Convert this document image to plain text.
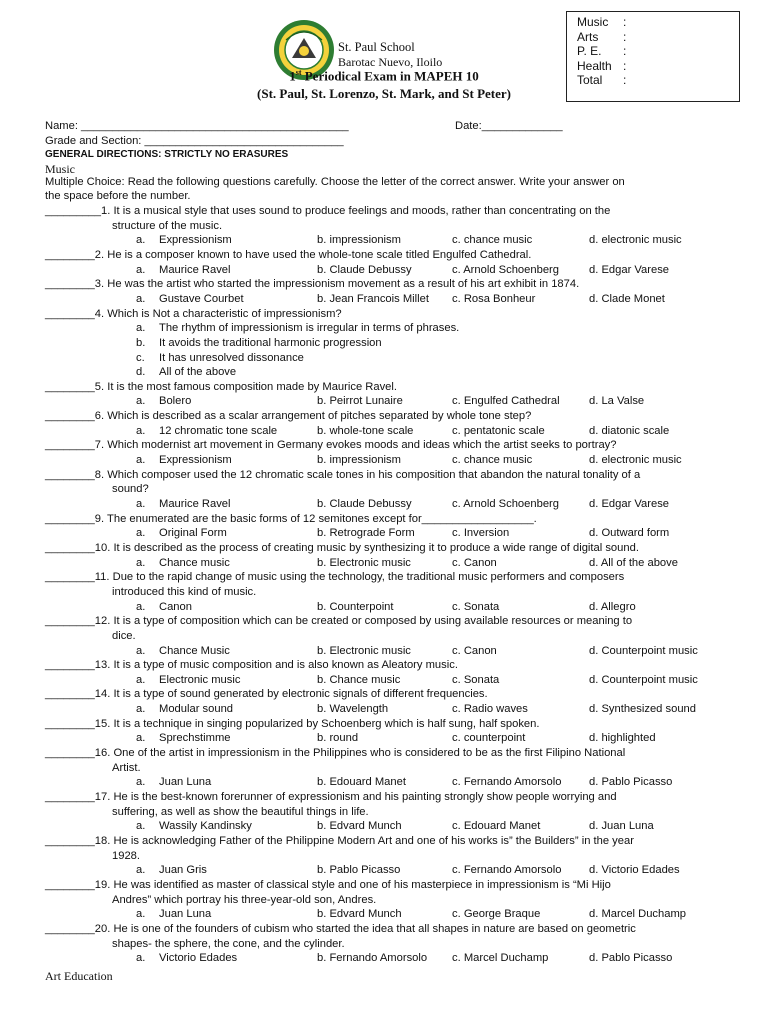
St. Paul School
Barotac Nuevo, Iloilo
1st Periodical Exam in MAPEH 10
(St. Paul, St. Lorenzo, St. Mark, and St Peter)
Music	:
Arts	:
P. E.	:
Health :
Total	:
Name: ___________________________________________	Date:_____________
Grade and Section: ________________________________
GENERAL DIRECTIONS: STRICTLY NO ERASURES
Music
Multiple Choice: Read the following questions carefully. Choose the letter of the correct answer. Write your answer on
the space before the number.
_________1. It is a musical style that uses sound to produce feelings and moods, rather than concentrating on the
structure of the music.
a. Expressionism	b. impressionism	c. chance music	d. electronic music
________2. He is a composer known to have used the whole-tone scale titled Engulfed Cathedral.
a. Maurice Ravel	b. Claude Debussy	c. Arnold Schoenberg	d. Edgar Varese
________3. He was the artist who started the impressionism movement as a result of his art exhibit in 1874.
a. Gustave Courbet	b. Jean Francois Millet c. Rosa Bonheur	d. Clade Monet
________4. Which is Not a characteristic of impressionism?
a. The rhythm of impressionism is irregular in terms of phrases.
b. It avoids the traditional harmonic progression
c. It has unresolved dissonance
d. All of the above
________5. It is the most famous composition made by Maurice Ravel.
a. Bolero	b. Peirrot Lunaire	c. Engulfed Cathedral	d. La Valse
________6. Which is described as a scalar arrangement of pitches separated by whole tone step?
a. 12 chromatic tone scale	b. whole-tone scale	c. pentatonic scale	d. diatonic scale
________7. Which modernist art movement in Germany evokes moods and ideas which the artist seeks to portray?
a. Expressionism	b. impressionism	c. chance music	d. electronic music
________8. Which composer used the 12 chromatic scale tones in his composition that abandon the natural tonality of a
sound?
a. Maurice Ravel	b. Claude Debussy	c. Arnold Schoenberg	d. Edgar Varese
________9. The enumerated are the basic forms of 12 semitones except for__________________.
a. Original Form	b. Retrograde Form	c. Inversion	d. Outward form
________10. It is described as the process of creating music by synthesizing it to produce a wide range of digital sound.
a. Chance music	b. Electronic music	c. Canon	d. All of the above
________11. Due to the rapid change of music using the technology, the traditional music performers and composers
introduced this kind of music.
a. Canon	b. Counterpoint	c. Sonata	d. Allegro
________12. It is a type of composition which can be created or composed by using available resources or meaning to
dice.
a. Chance Music	b. Electronic music	c. Canon	d. Counterpoint music
________13. It is a type of music composition and is also known as Aleatory music.
a. Electronic music	b. Chance music	c. Sonata	d. Counterpoint music
________14. It is a type of sound generated by electronic signals of different frequencies.
a. Modular sound	b. Wavelength	c. Radio waves	d. Synthesized sound
________15. It is a technique in singing popularized by Schoenberg which is half sung, half spoken.
a. Sprechstimme	b. round	c. counterpoint	d. highlighted
________16. One of the artist in impressionism in the Philippines who is considered to be as the first Filipino National
Artist.
a. Juan Luna	b. Edouard Manet	c. Fernando Amorsolo d. Pablo Picasso
________17. He is the best-known forerunner of expressionism and his painting strongly show people worrying and
suffering, as well as show the beautiful things in life.
a. Wassily Kandinsky	b. Edvard Munch	c. Edouard Manet	d. Juan Luna
________18. He is acknowledging Father of the Philippine Modern Art and one of his works is” the Builders” in the year
1928.
a. Juan Gris	b. Pablo Picasso	c. Fernando Amorsolo d. Victorio Edades
________19. He was identified as master of classical style and one of his masterpiece in impressionism is “Mi Hijo
Andres” which portray his three-year-old son, Andres.
a. Juan Luna	b. Edvard Munch	c. George Braque	d. Marcel Duchamp
________20. He is one of the founders of cubism who started the idea that all shapes in nature are based on geometric
shapes- the sphere, the cone, and the cylinder.
a. Victorio Edades	b. Fernando Amorsolo c. Marcel Duchamp	d. Pablo Picasso
Art Education
